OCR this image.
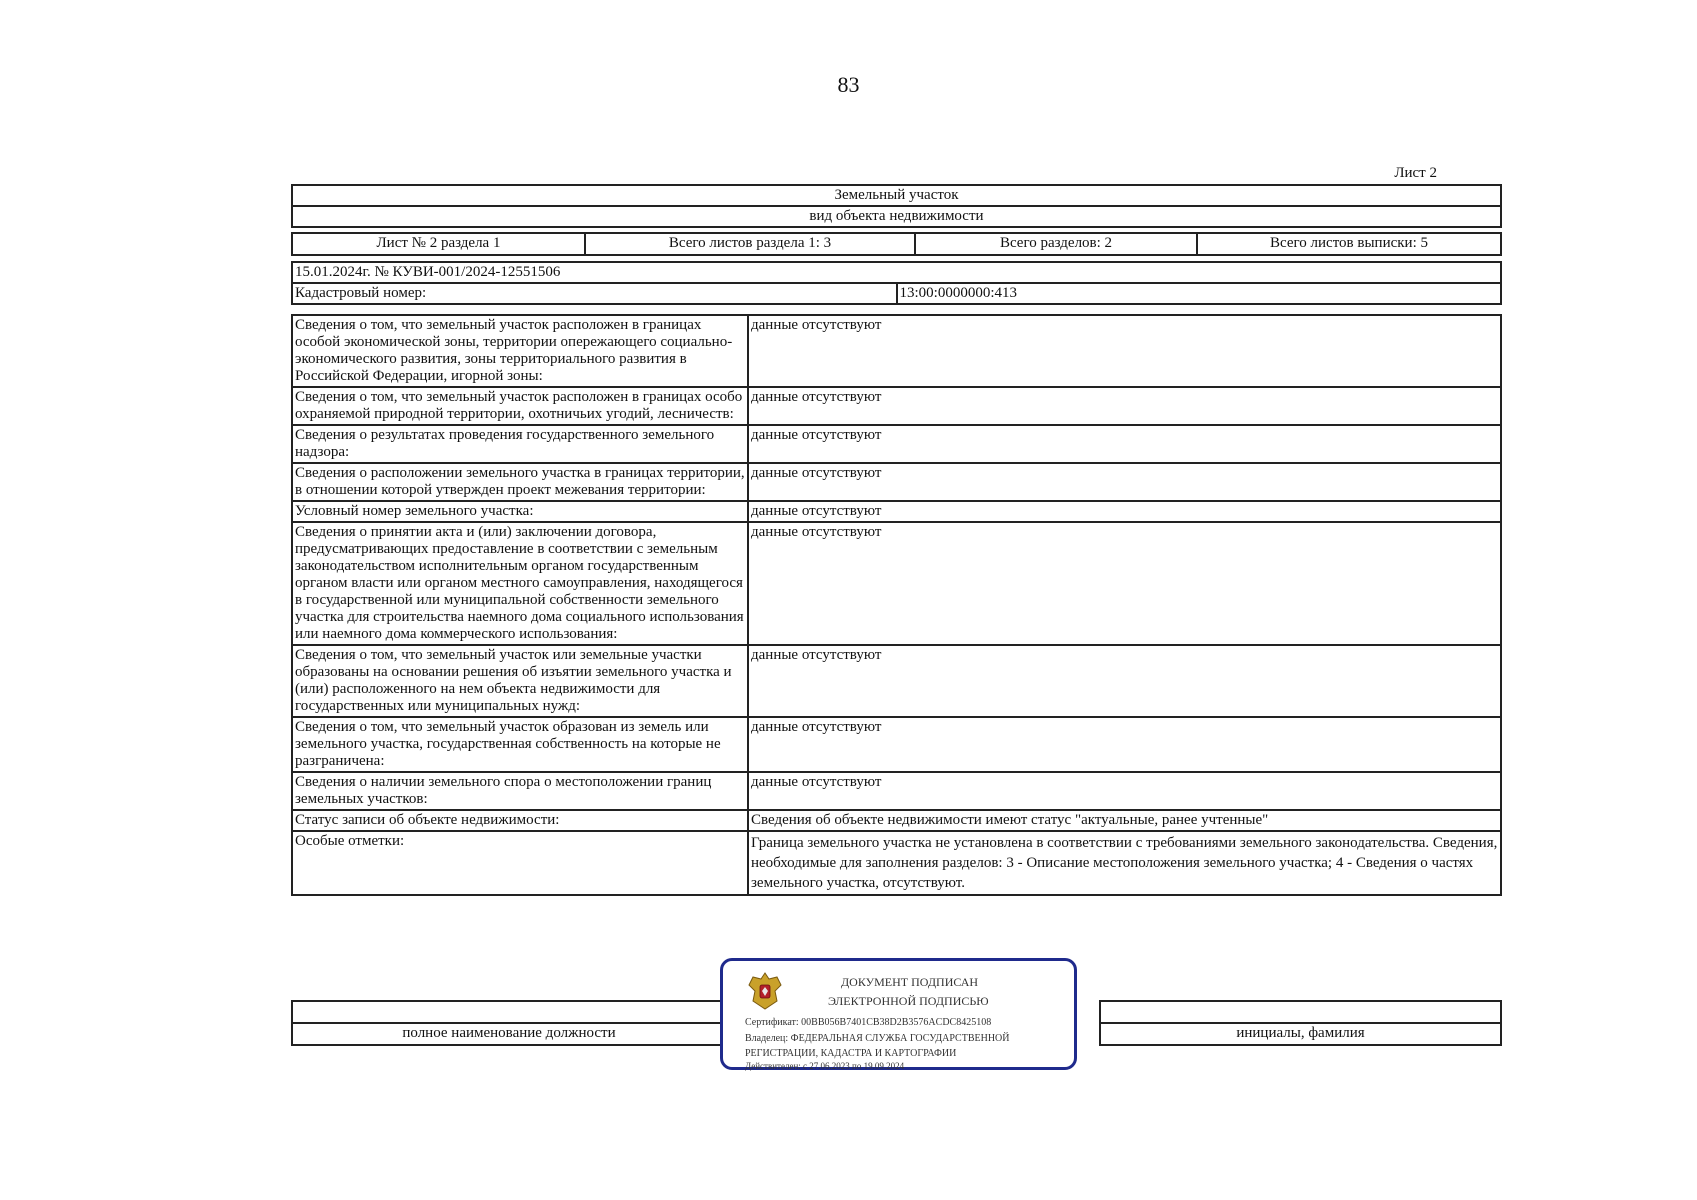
83
Лист 2
Земельный участок
вид объекта недвижимости
Лист № 2 раздела 1	Всего листов раздела 1: 3	Всего разделов: 2	Всего листов выписки: 5
15.01.2024г. № КУВИ-001/2024-12551506
Кадастровый номер:	13:00:0000000:413
Сведения о том, что земельный участок расположен в границах особой экономической зоны, территории опережающего социально-экономического развития, зоны территориального развития в Российской Федерации, игорной зоны:	данные отсутствуют
Сведения о том, что земельный участок расположен в границах особо охраняемой природной территории, охотничьих угодий, лесничеств:	данные отсутствуют
Сведения о результатах проведения государственного земельного надзора:	данные отсутствуют
Сведения о расположении земельного участка в границах территории, в отношении которой утвержден проект межевания территории:	данные отсутствуют
Условный номер земельного участка:	данные отсутствуют
Сведения о принятии акта и (или) заключении договора, предусматривающих предоставление в соответствии с земельным законодательством исполнительным органом государственным органом власти или органом местного самоуправления, находящегося в государственной или муниципальной собственности земельного участка для строительства наемного дома социального использования или наемного дома коммерческого использования:	данные отсутствуют
Сведения о том, что земельный участок или земельные участки образованы на основании решения об изъятии земельного участка и (или) расположенного на нем объекта недвижимости для государственных или муниципальных нужд:	данные отсутствуют
Сведения о том, что земельный участок образован из земель или земельного участка, государственная собственность на которые не разграничена:	данные отсутствуют
Сведения о наличии земельного спора о местоположении границ земельных участков:	данные отсутствуют
Статус записи об объекте недвижимости:	Сведения об объекте недвижимости имеют статус "актуальные, ранее учтенные"
Особые отметки:	Граница земельного участка не установлена в соответствии с требованиями земельного законодательства. Сведения, необходимые для заполнения разделов: 3 - Описание местоположения земельного участка; 4 - Сведения о частях земельного участка, отсутствуют.

полное наименование должности		инициалы, фамилия
ДОКУМЕНТ ПОДПИСАН
ЭЛЕКТРОННОЙ ПОДПИСЬЮ
Сертификат: 00BB056B7401CB38D2B3576ACDC8425108
Владелец: ФЕДЕРАЛЬНАЯ СЛУЖБА ГОСУДАРСТВЕННОЙ
РЕГИСТРАЦИИ, КАДАСТРА И КАРТОГРАФИИ
Действителен: с 27.06.2023 по 19.09.2024
